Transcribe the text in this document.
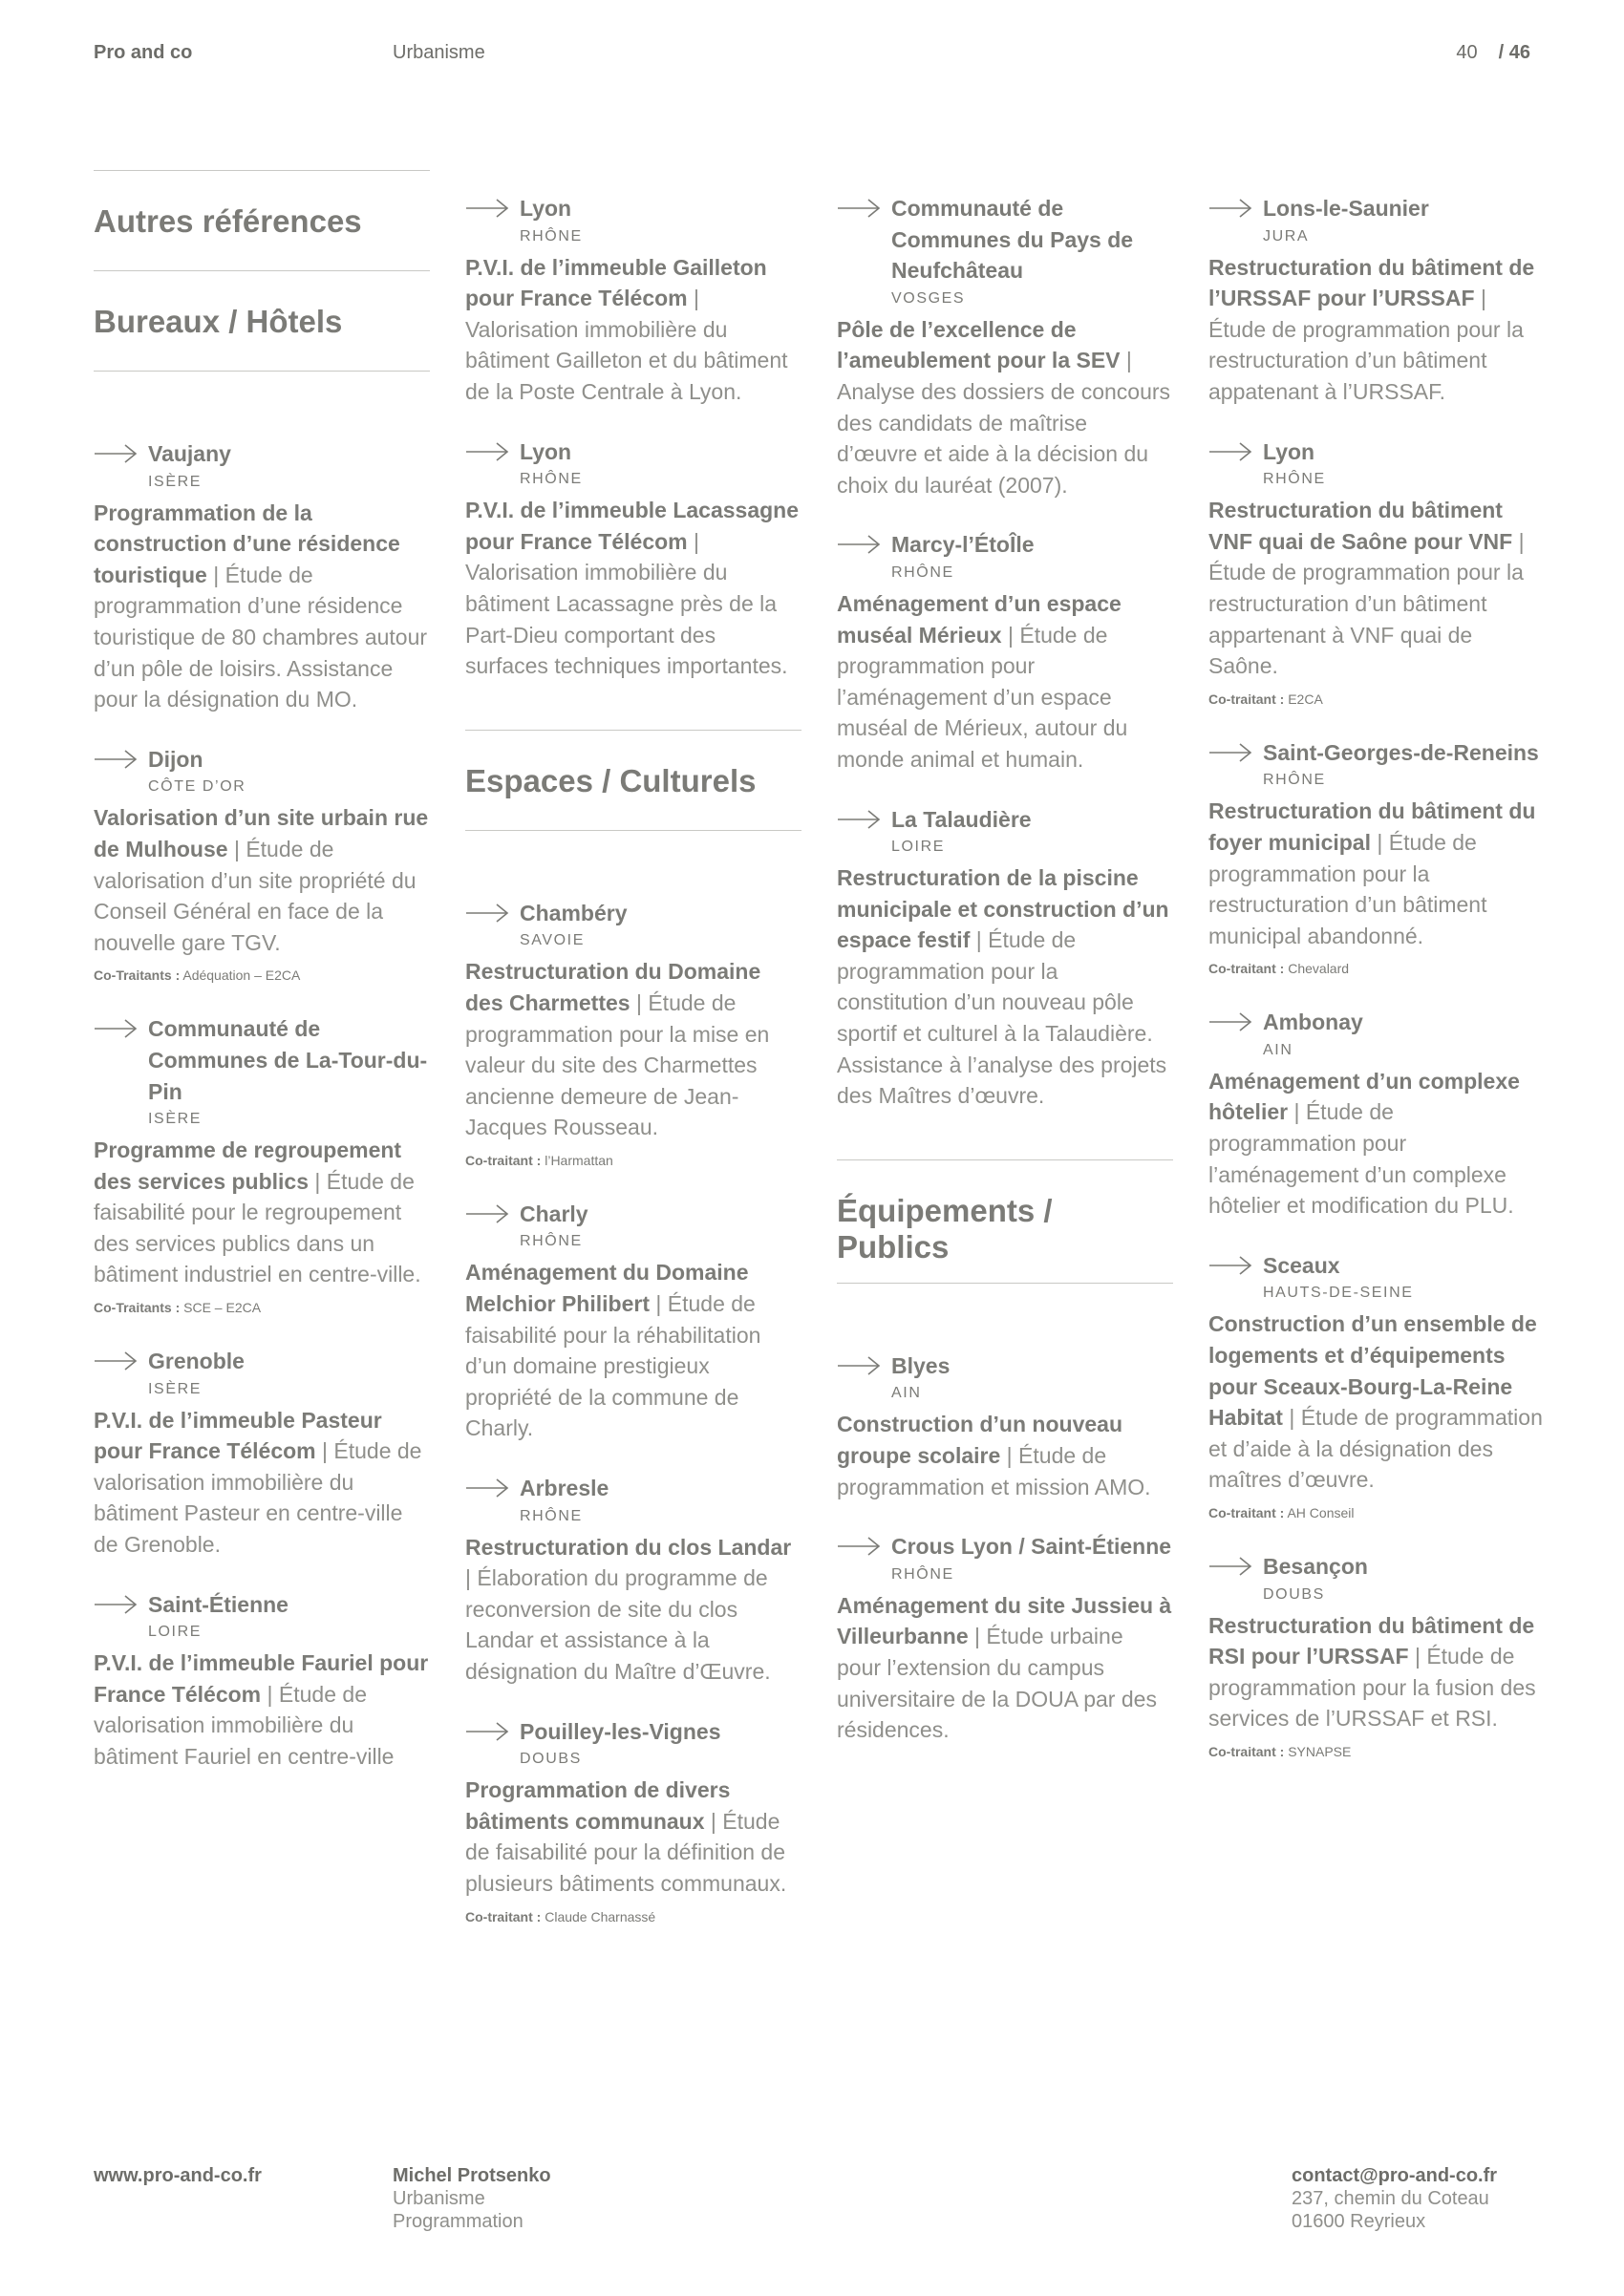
Pro and co	Urbanisme	40 / 46
Autres références
Bureaux / Hôtels
Vaujany
ISÈRE
Programmation de la construction d’une résidence touristique | Étude de programmation d’une résidence touristique de 80 chambres autour d’un pôle de loisirs. Assistance pour la désignation du MO.
Dijon
CÔTE D’OR
Valorisation d’un site urbain rue de Mulhouse | Étude de valorisation d’un site propriété du Conseil Général en face de la nouvelle gare TGV.
Co-Traitants : Adéquation – E2CA
Communauté de Communes de La-Tour-du-Pin
ISÈRE
Programme de regroupement des services publics | Étude de faisabilité pour le regroupement des services publics dans un bâtiment industriel en centre-ville.
Co-Traitants : SCE – E2CA
Grenoble
ISÈRE
P.V.I. de l’immeuble Pasteur pour France Télécom | Étude de valorisation immobilière du bâtiment Pasteur en centre-ville de Grenoble.
Saint-Étienne
LOIRE
P.V.I. de l’immeuble Fauriel pour France Télécom | Étude de valorisation immobilière du bâtiment Fauriel en centre-ville
Lyon
RHÔNE
P.V.I. de l’immeuble Gailleton pour France Télécom | Valorisation immobilière du bâtiment Gailleton et du bâtiment de la Poste Centrale à Lyon.
Lyon
RHÔNE
P.V.I. de l’immeuble Lacassagne pour France Télécom | Valorisation immobilière du bâtiment Lacassagne près de la Part-Dieu comportant des surfaces techniques importantes.
Espaces / Culturels
Chambéry
SAVOIE
Restructuration du Domaine des Charmettes | Étude de programmation pour la mise en valeur du site des Charmettes ancienne demeure de Jean-Jacques Rousseau.
Co-traitant : l’Harmattan
Charly
RHÔNE
Aménagement du Domaine Melchior Philibert | Étude de faisabilité pour la réhabilitation d’un domaine prestigieux propriété de la commune de Charly.
Arbresle
RHÔNE
Restructuration du clos Landar | Élaboration du programme de reconversion de site du clos Landar et assistance à la désignation du Maître d’Œuvre.
Pouilley-les-Vignes
DOUBS
Programmation de divers bâtiments communaux | Étude de faisabilité pour la définition de plusieurs bâtiments communaux.
Co-traitant : Claude Charnassé
Communauté de Communes du Pays de Neufchâteau
VOSGES
Pôle de l’excellence de l’ameublement pour la SEV | Analyse des dossiers de concours des candidats de maîtrise d’œuvre et aide à la décision du choix du lauréat (2007).
Marcy-l’ÉtoÎle
RHÔNE
Aménagement d’un espace muséal Mérieux | Étude de programmation pour l’aménagement d’un espace muséal de Mérieux, autour du monde animal et humain.
La Talaudière
LOIRE
Restructuration de la piscine municipale et construction d’un espace festif | Étude de programmation pour la constitution d’un nouveau pôle sportif et culturel à la Talaudière. Assistance à l’analyse des projets des Maîtres d’œuvre.
Équipements / Publics
Blyes
AIN
Construction d’un nouveau groupe scolaire | Étude de programmation et mission AMO.
Crous Lyon / Saint-Étienne
RHÔNE
Aménagement du site Jussieu à Villeurbanne | Étude urbaine pour l’extension du campus universitaire de la DOUA par des résidences.
Lons-le-Saunier
JURA
Restructuration du bâtiment de l’URSSAF pour l’URSSAF | Étude de programmation pour la restructuration d’un bâtiment appatenant à l’URSSAF.
Lyon
RHÔNE
Restructuration du bâtiment VNF quai de Saône pour VNF | Étude de programmation pour la restructuration d’un bâtiment appartenant à VNF quai de Saône.
Co-traitant : E2CA
Saint-Georges-de-Reneins
RHÔNE
Restructuration du bâtiment du foyer municipal | Étude de programmation pour la restructuration d’un bâtiment municipal abandonné.
Co-traitant : Chevalard
Ambonay
AIN
Aménagement d’un complexe hôtelier | Étude de programmation pour l’aménagement d’un complexe hôtelier et modification du PLU.
Sceaux
HAUTS-DE-SEINE
Construction d’un ensemble de logements et d’équipements pour Sceaux-Bourg-La-Reine Habitat | Étude de programmation et d’aide à la désignation des maîtres d’œuvre.
Co-traitant : AH Conseil
Besançon
DOUBS
Restructuration du bâtiment de RSI pour l’URSSAF | Étude de programmation pour la fusion des services de l’URSSAF et RSI.
Co-traitant : SYNAPSE
www.pro-and-co.fr	Michel Protsenko
Urbanisme
Programmation
contact@pro-and-co.fr
237, chemin du Coteau
01600 Reyrieux
